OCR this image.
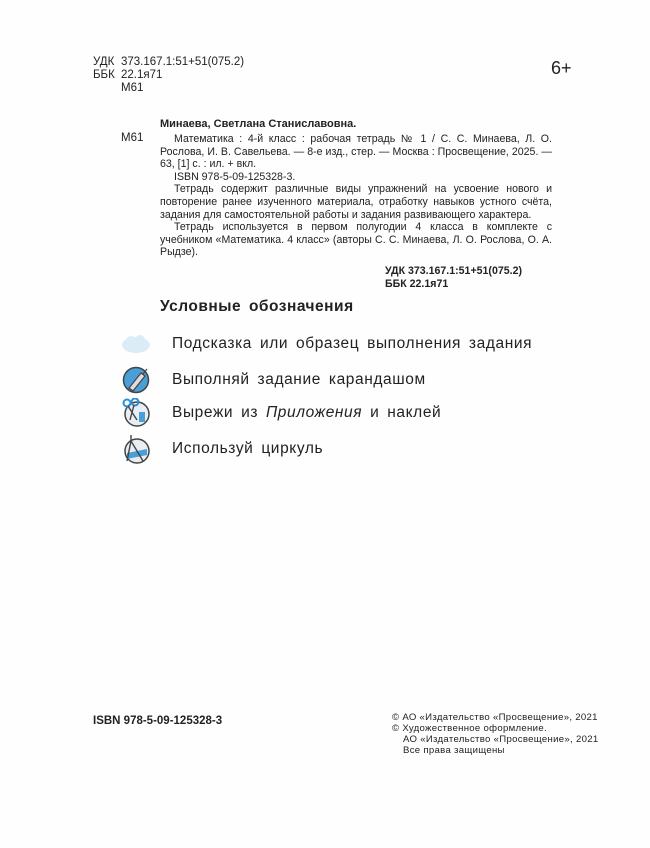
УДК 373.167.1:51+51(075.2)
ББК 22.1я71
М61
6+
Минаева, Светлана Станиславовна.
М61	Математика : 4-й класс : рабочая тетрадь № 1 / С. С. Минаева, Л. О. Рослова, И. В. Савельева. — 8-е изд., стер. — Москва : Просвещение, 2025. — 63, [1] с. : ил. + вкл.

ISBN 978-5-09-125328-3.

Тетрадь содержит различные виды упражнений на усвоение нового и повторение ранее изученного материала, отработку навыков устного счёта, задания для самостоятельной работы и задания развивающего характера.

Тетрадь используется в первом полугодии 4 класса в комплекте с учебником «Математика. 4 класс» (авторы С. С. Минаева, Л. О. Рослова, О. А. Рыдзе).

УДК 373.167.1:51+51(075.2)
ББК 22.1я71
Условные обозначения
Подсказка или образец выполнения задания
Выполняй задание карандашом
Вырежи из Приложения и наклей
Используй циркуль
ISBN 978-5-09-125328-3	© АО «Издательство «Просвещение», 2021
© Художественное оформление.
АО «Издательство «Просвещение», 2021
Все права защищены
